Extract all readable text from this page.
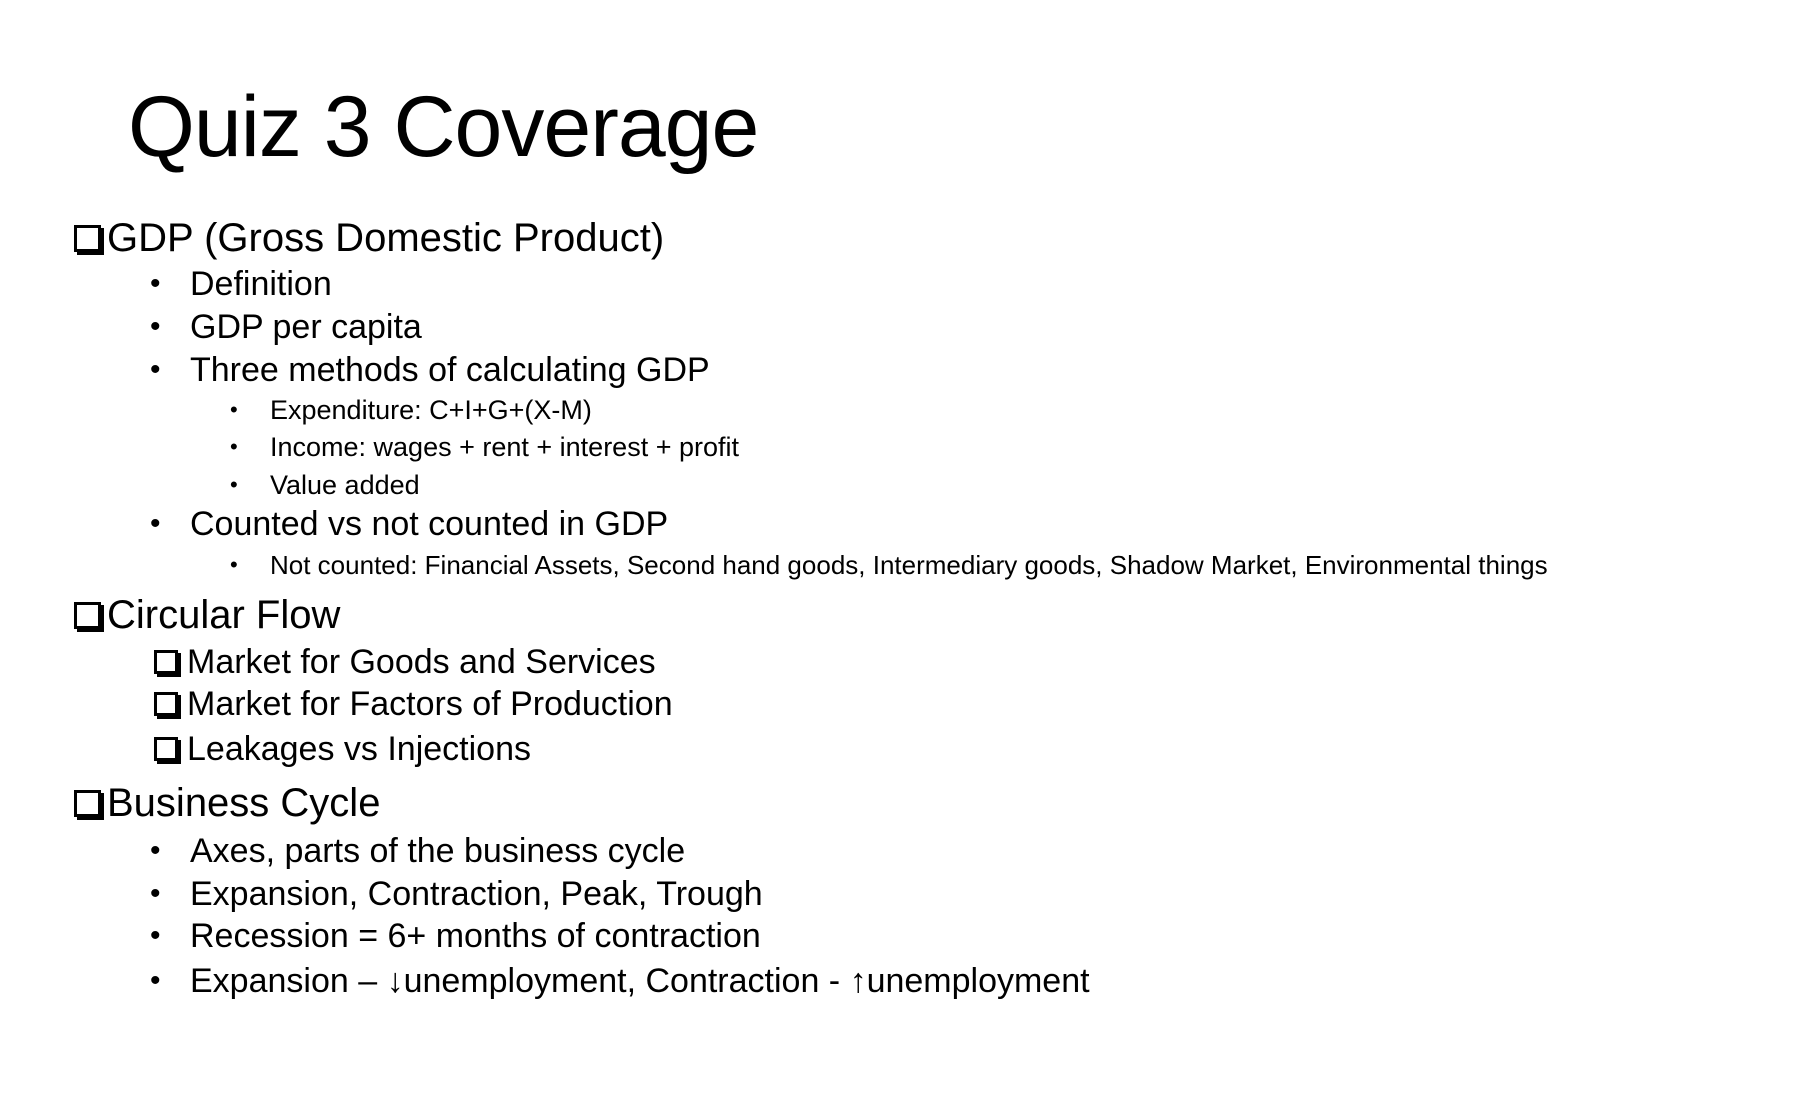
Quiz 3 Coverage
GDP (Gross Domestic Product)
• Definition
• GDP per capita
• Three methods of calculating GDP
•	Expenditure: C+I+G+(X-M)
•	Income: wages + rent + interest + profit
•	Value added
• Counted vs not counted in GDP
•	Not counted: Financial Assets, Second hand goods, Intermediary goods, Shadow Market, Environmental things
Circular Flow
Market for Goods and Services
Market for Factors of Production
Leakages vs Injections
Business Cycle
• Axes, parts of the business cycle
• Expansion, Contraction, Peak, Trough
• Recession = 6+ months of contraction
• Expansion – ↓unemployment, Contraction - ↑unemployment
